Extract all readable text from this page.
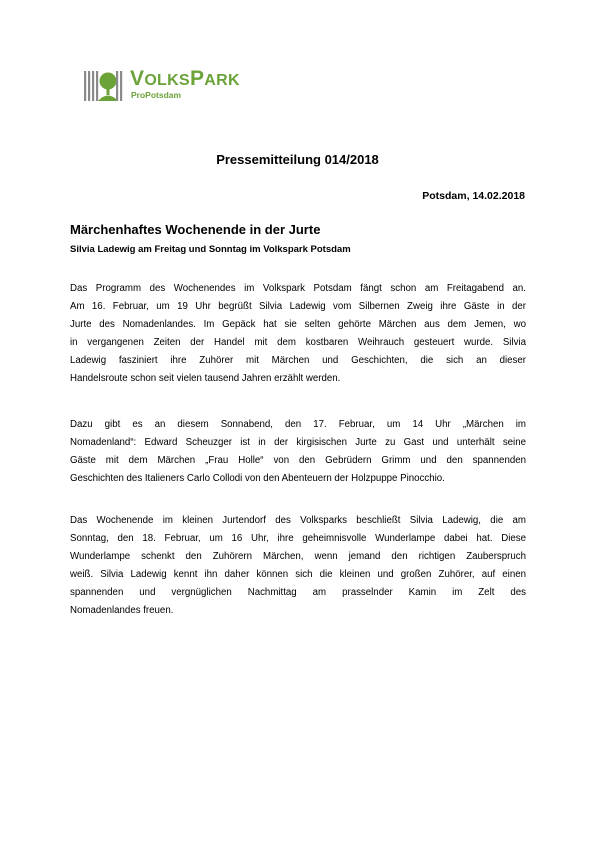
VOLKSPARK
ProPotsdam
Pressemitteilung 014/2018
Potsdam, 14.02.2018
Märchenhaftes Wochenende in der Jurte
Silvia Ladewig am Freitag und Sonntag im Volkspark Potsdam
Das Programm des Wochenendes im Volkspark Potsdam fängt schon am Freitagabend an.
Am 16. Februar, um 19 Uhr begrüßt Silvia Ladewig vom Silbernen Zweig ihre Gäste in der
Jurte des Nomadenlandes. Im Gepäck hat sie selten gehörte Märchen aus dem Jemen, wo
in vergangenen Zeiten der Handel mit dem kostbaren Weihrauch gesteuert wurde. Silvia
Ladewig fasziniert ihre Zuhörer mit Märchen und Geschichten, die sich an dieser
Handelsroute schon seit vielen tausend Jahren erzählt werden.
Dazu gibt es an diesem Sonnabend, den 17. Februar, um 14 Uhr „Märchen im
Nomadenland“: Edward Scheuzger ist in der kirgisischen Jurte zu Gast und unterhält seine
Gäste mit dem Märchen „Frau Holle“ von den Gebrüdern Grimm und den spannenden
Geschichten des Italieners Carlo Collodi von den Abenteuern der Holzpuppe Pinocchio.
Das Wochenende im kleinen Jurtendorf des Volksparks beschließt Silvia Ladewig, die am
Sonntag, den 18. Februar, um 16 Uhr, ihre geheimnisvolle Wunderlampe dabei hat. Diese
Wunderlampe schenkt den Zuhörern Märchen, wenn jemand den richtigen Zauberspruch
weiß. Silvia Ladewig kennt ihn daher können sich die kleinen und großen Zuhörer, auf einen
spannenden und vergnüglichen Nachmittag am prasselnder Kamin im Zelt des
Nomadenlandes freuen.
